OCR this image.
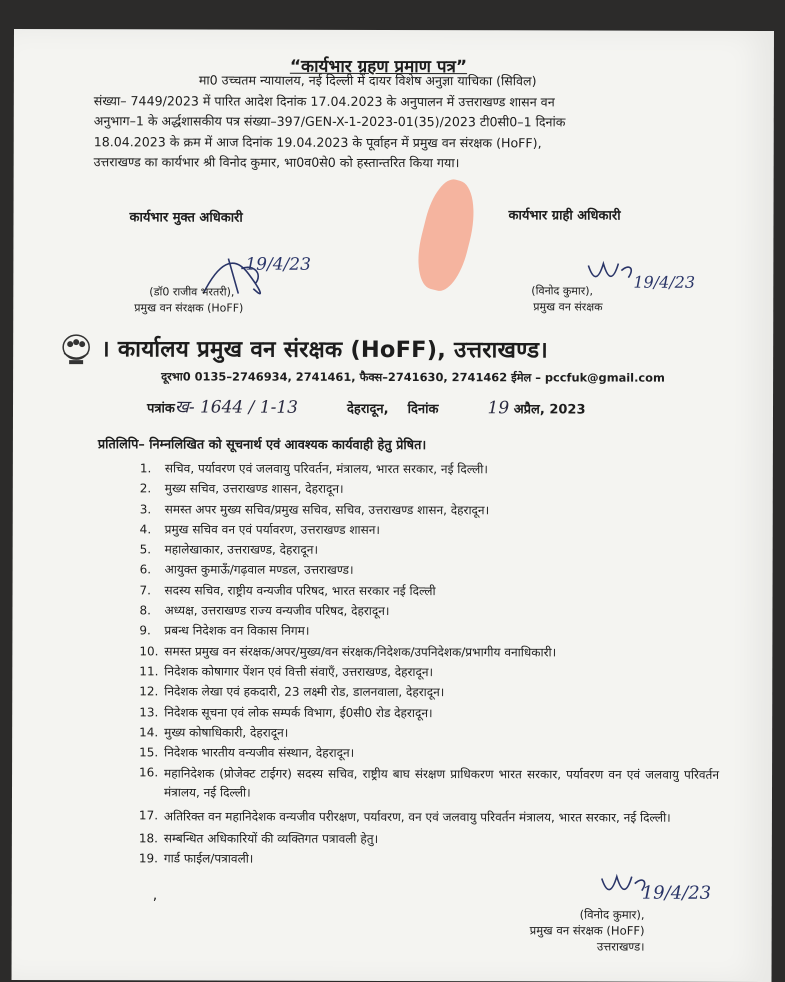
“कार्यभार ग्रहण प्रमाण पत्र”
मा0 उच्चतम न्यायालय, नई दिल्ली में दायर विशेष अनुज्ञा याचिका (सिविल)
संख्या– 7449/2023 में पारित आदेश दिनांक 17.04.2023 के अनुपालन में उत्तराखण्ड शासन वन
अनुभाग–1 के अर्द्धशासकीय पत्र संख्या–397/GEN-X-1-2023-01(35)/2023 टी0सी0–1 दिनांक
18.04.2023 के क्रम में आज दिनांक 19.04.2023 के पूर्वाहन में प्रमुख वन संरक्षक (HoFF),
उत्तराखण्ड का कार्यभार श्री विनोद कुमार, भा0व0से0 को हस्तान्तरित किया गया।
कार्यभार मुक्त अधिकारी	कार्यभार ग्राही अधिकारी
19/4/23
(डॉ0 राजीव भरतरी),
प्रमुख वन संरक्षक (HoFF)
19/4/23
(विनोद कुमार),
प्रमुख वन संरक्षक
। कार्यालय प्रमुख वन संरक्षक (HoFF), उत्तराखण्ड।
दूरभा0 0135–2746934, 2741461, फैक्स–2741630, 2741462 ईमेल – pccfuk@gmail.com
पत्रांकख- 1644 / 1-13	देहरादून, दिनांक	19 अप्रैल, 2023
प्रतिलिपि– निम्नलिखित को सूचनार्थ एवं आवश्यक कार्यवाही हेतु प्रेषित।
1.	सचिव, पर्यावरण एवं जलवायु परिवर्तन, मंत्रालय, भारत सरकार, नई दिल्ली।
2.	मुख्य सचिव, उत्तराखण्ड शासन, देहरादून।
3.	समस्त अपर मुख्य सचिव/प्रमुख सचिव, सचिव, उत्तराखण्ड शासन, देहरादून।
4.	प्रमुख सचिव वन एवं पर्यावरण, उत्तराखण्ड शासन।
5.	महालेखाकार, उत्तराखण्ड, देहरादून।
6.	आयुक्त कुमाऊँ/गढ़वाल मण्डल, उत्तराखण्ड।
7.	सदस्य सचिव, राष्ट्रीय वन्यजीव परिषद, भारत सरकार नई दिल्ली
8.	अध्यक्ष, उत्तराखण्ड राज्य वन्यजीव परिषद, देहरादून।
9.	प्रबन्ध निदेशक वन विकास निगम।
10. समस्त प्रमुख वन संरक्षक/अपर/मुख्य/वन संरक्षक/निदेशक/उपनिदेशक/प्रभागीय वनाधिकारी।
11. निदेशक कोषागार पेंशन एवं वित्ती संवाएँ, उत्तराखण्ड, देहरादून।
12. निदेशक लेखा एवं हकदारी, 23 लक्ष्मी रोड, डालनवाला, देहरादून।
13. निदेशक सूचना एवं लोक सम्पर्क विभाग, ई0सी0 रोड देहरादून।
14. मुख्य कोषाधिकारी, देहरादून।
15. निदेशक भारतीय वन्यजीव संस्थान, देहरादून।
16. महानिदेशक (प्रोजेक्ट टाईगर) सदस्य सचिव, राष्ट्रीय बाघ संरक्षण प्राधिकरण भारत सरकार, पर्यावरण वन एवं जलवायु परिवर्तन मंत्रालय, नई दिल्ली।
17. अतिरिक्त वन महानिदेशक वन्यजीव परीरक्षण, पर्यावरण, वन एवं जलवायु परिवर्तन मंत्रालय, भारत सरकार, नई दिल्ली।
18. सम्बन्धित अधिकारियों की व्यक्तिगत पत्रावली हेतु।
19. गार्ड फाईल/पत्रावली।
,	19/4/23
(विनोद कुमार),
प्रमुख वन संरक्षक (HoFF)
उत्तराखण्ड।
